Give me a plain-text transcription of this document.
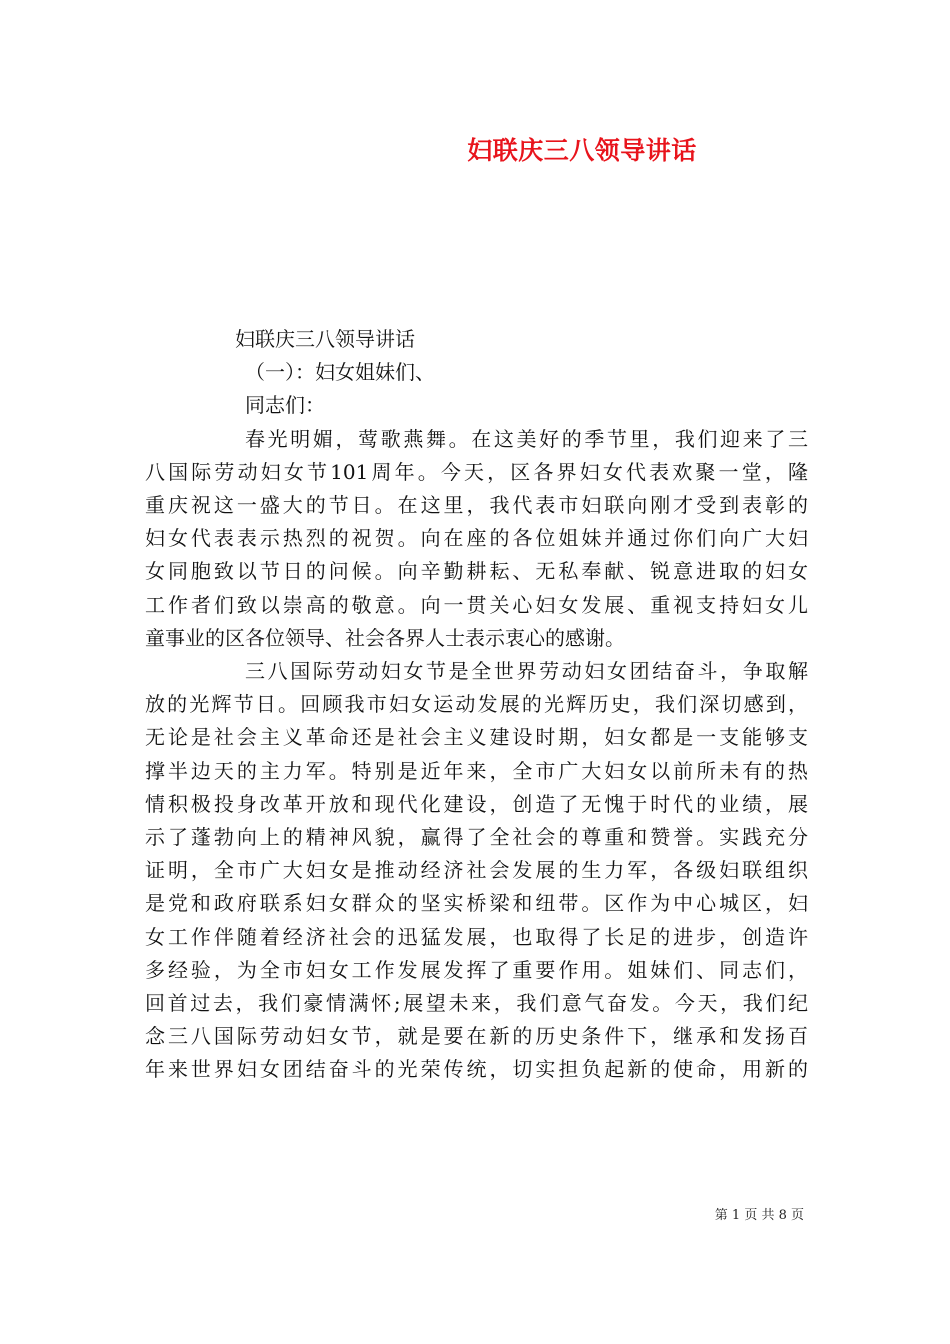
妇联庆三八领导讲话

妇联庆三八领导讲话

（一）：妇女姐妹们、

同志们：

春光明媚，莺歌燕舞。在这美好的季节里，我们迎来了三
八国际劳动妇女节101周年。今天，区各界妇女代表欢聚一堂，隆
重庆祝这一盛大的节日。在这里，我代表市妇联向刚才受到表彰的
妇女代表表示热烈的祝贺。向在座的各位姐妹并通过你们向广大妇
女同胞致以节日的问候。向辛勤耕耘、无私奉献、锐意进取的妇女
工作者们致以崇高的敬意。向一贯关心妇女发展、重视支持妇女儿
童事业的区各位领导、社会各界人士表示衷心的感谢。
三八国际劳动妇女节是全世界劳动妇女团结奋斗，争取解
放的光辉节日。回顾我市妇女运动发展的光辉历史，我们深切感到，
无论是社会主义革命还是社会主义建设时期，妇女都是一支能够支
撑半边天的主力军。特别是近年来，全市广大妇女以前所未有的热
情积极投身改革开放和现代化建设，创造了无愧于时代的业绩，展
示了蓬勃向上的精神风貌，赢得了全社会的尊重和赞誉。实践充分
证明，全市广大妇女是推动经济社会发展的生力军，各级妇联组织
是党和政府联系妇女群众的坚实桥梁和纽带。区作为中心城区，妇
女工作伴随着经济社会的迅猛发展，也取得了长足的进步，创造许
多经验，为全市妇女工作发展发挥了重要作用。姐妹们、同志们，
回首过去，我们豪情满怀;展望未来，我们意气奋发。今天，我们纪
念三八国际劳动妇女节，就是要在新的历史条件下，继承和发扬百
年来世界妇女团结奋斗的光荣传统，切实担负起新的使命，用新的
第 1 页 共 8 页
